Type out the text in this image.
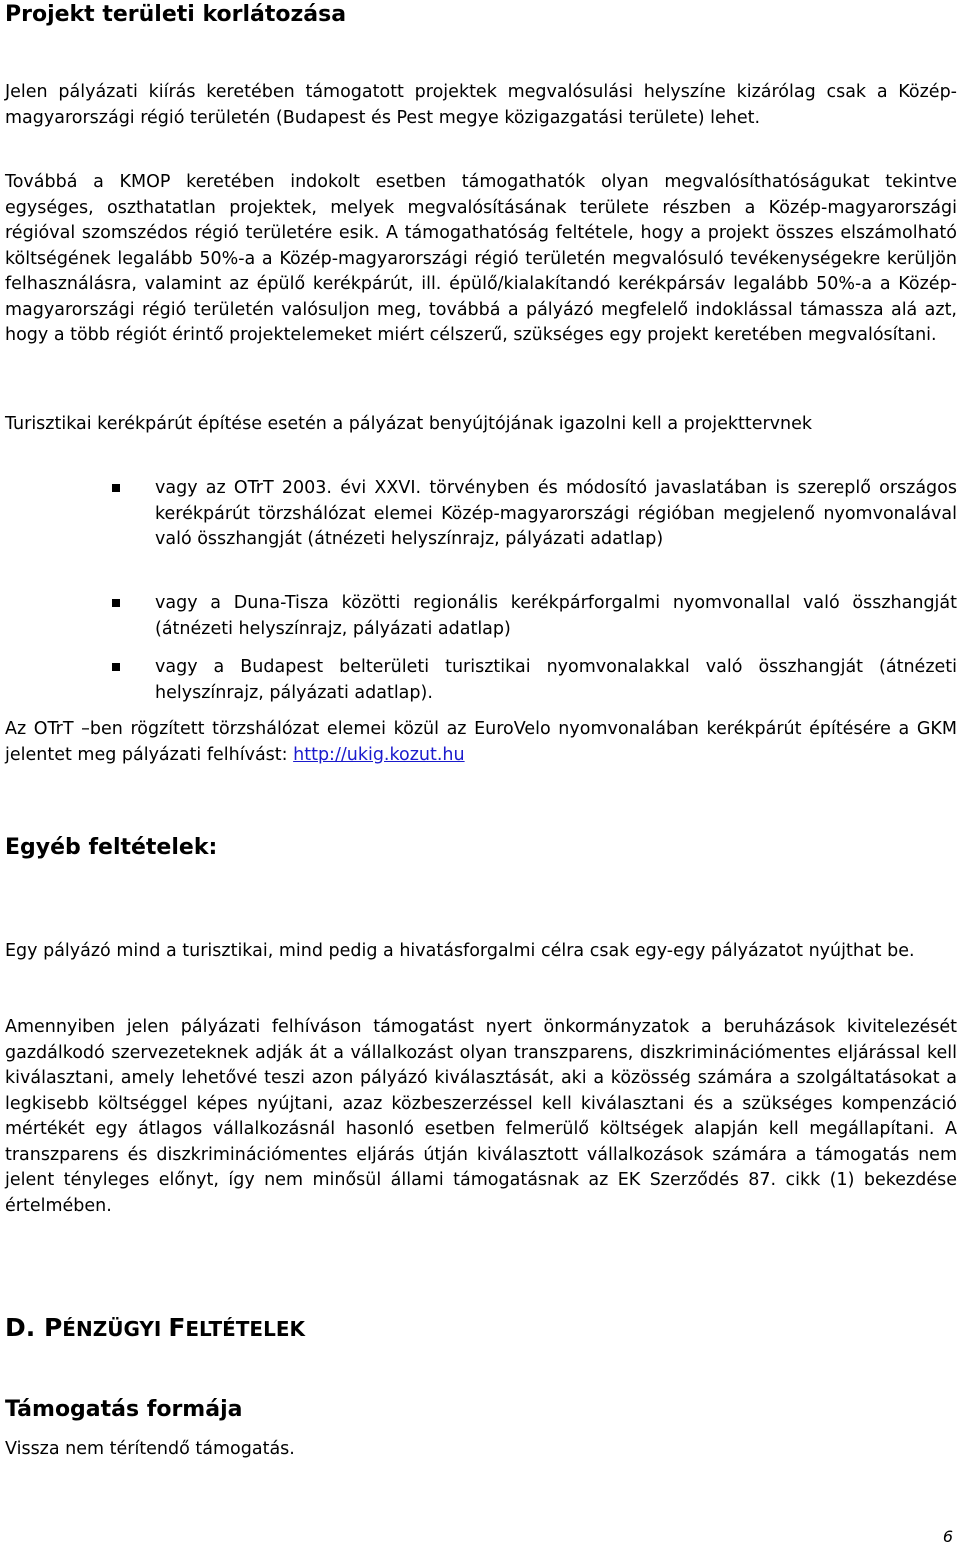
Projekt területi korlátozása

Jelen pályázati kiírás keretében támogatott projektek megvalósulási helyszíne kizárólag csak a Közép-magyarországi régió területén (Budapest és Pest megye közigazgatási területe) lehet.

Továbbá a KMOP keretében indokolt esetben támogathatók olyan megvalósíthatóságukat tekintve egységes, oszthatatlan projektek, melyek megvalósításának területe részben a Közép-magyarországi régióval szomszédos régió területére esik. A támogathatóság feltétele, hogy a projekt összes elszámolható költségének legalább 50%-a a Közép-magyarországi régió területén megvalósuló tevékenységekre kerüljön felhasználásra, valamint az épülő kerékpárút, ill. épülő/kialakítandó kerékpársáv legalább 50%-a a Közép-magyarországi régió területén valósuljon meg, továbbá a pályázó megfelelő indoklással támassza alá azt, hogy a több régiót érintő projektelemeket miért célszerű, szükséges egy projekt keretében megvalósítani.

Turisztikai kerékpárút építése esetén a pályázat benyújtójának igazolni kell a projekttervnek

vagy az OTrT 2003. évi XXVI. törvényben és módosító javaslatában is szereplő országos kerékpárút törzshálózat elemei Közép-magyarországi régióban megjelenő nyomvonalával való összhangját (átnézeti helyszínrajz, pályázati adatlap)
vagy a Duna-Tisza közötti regionális kerékpárforgalmi nyomvonallal való összhangját (átnézeti helyszínrajz, pályázati adatlap)
vagy a Budapest belterületi turisztikai nyomvonalakkal való összhangját (átnézeti helyszínrajz, pályázati adatlap).

Az OTrT –ben rögzített törzshálózat elemei közül az EuroVelo nyomvonalában kerékpárút építésére a GKM jelentet meg pályázati felhívást: http://ukig.kozut.hu

Egyéb feltételek:

Egy pályázó mind a turisztikai, mind pedig a hivatásforgalmi célra csak egy-egy pályázatot nyújthat be.

Amennyiben jelen pályázati felhíváson támogatást nyert önkormányzatok a beruházások kivitelezését gazdálkodó szervezeteknek adják át a vállalkozást olyan transzparens, diszkriminációmentes eljárással kell kiválasztani, amely lehetővé teszi azon pályázó kiválasztását, aki a közösség számára a szolgáltatásokat a legkisebb költséggel képes nyújtani, azaz közbeszerzéssel kell kiválasztani és a szükséges kompenzáció mértékét egy átlagos vállalkozásnál hasonló esetben felmerülő költségek alapján kell megállapítani. A transzparens és diszkriminációmentes eljárás útján kiválasztott vállalkozások számára a támogatás nem jelent tényleges előnyt, így nem minősül állami támogatásnak az EK Szerződés 87. cikk (1) bekezdése értelmében.

D. PÉNZÜGYI FELTÉTELEK
Támogatás formája

Vissza nem térítendő támogatás.

6
